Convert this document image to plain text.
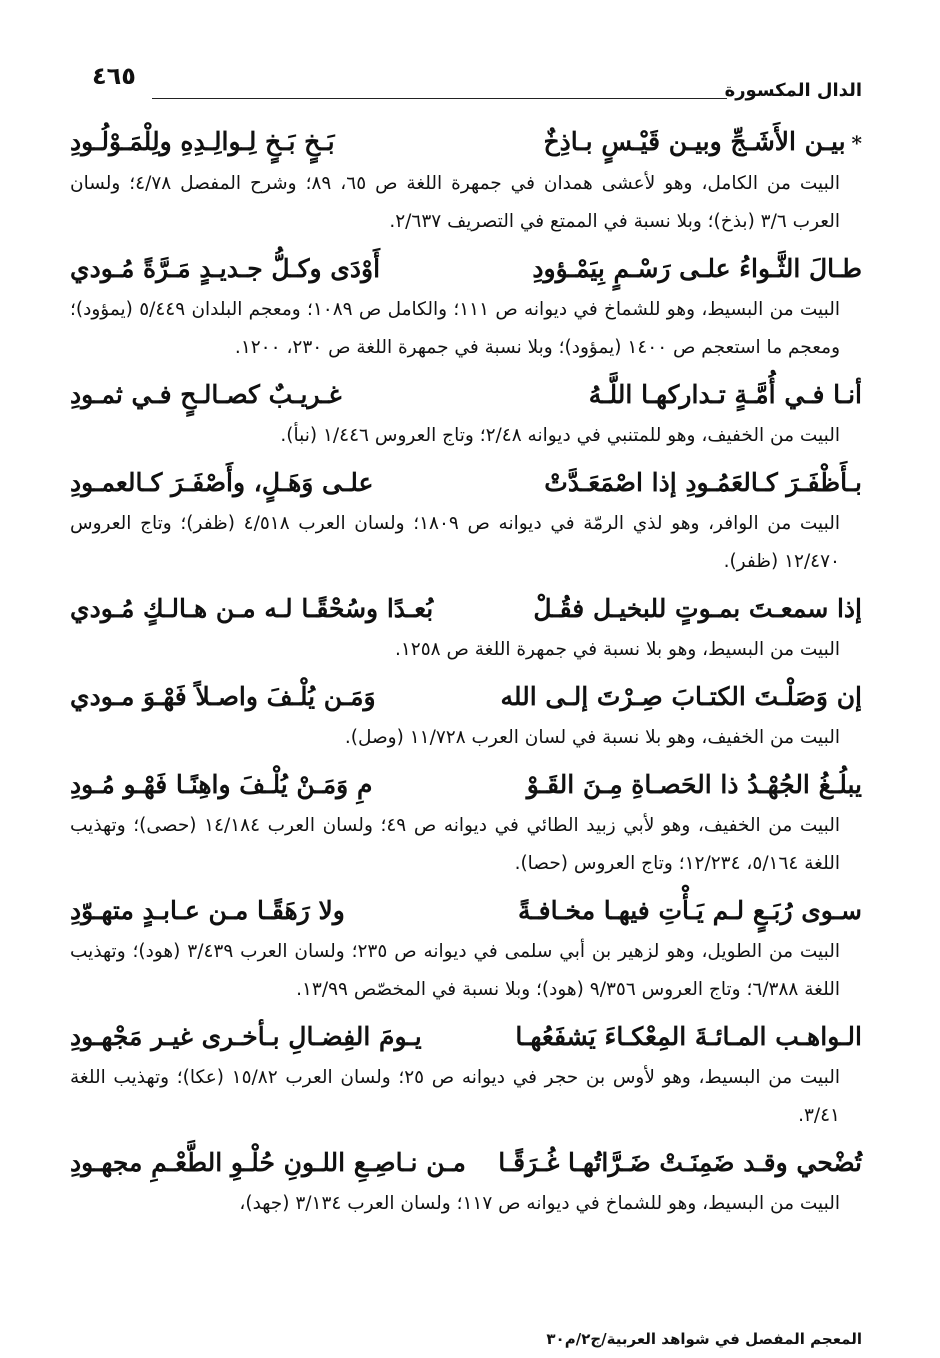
٤٦٥
الدال المكسورة
*بيـن الأَشَـجِّ وبيـن قَيْـسٍ بـاذِخٌ
بَـخٍ بَـخٍ لِـوالِـدِهِ ولِلْمَـوْلُـودِ
البيت من الكامل، وهو لأعشى همدان في جمهرة اللغة ص ٦٥، ٨٩؛ وشرح المفصل ٤/٧٨؛ ولسان العرب ٣/٦ (بذخ)؛ وبلا نسبة في الممتع في التصريف ٢/٦٣٧.
طـالَ الثَّـواءُ علـى رَسْـمٍ بِيَمْـؤودِ
أَوْدَى وكـلُّ جـديـدٍ مَـرَّةً مُـودي
البيت من البسيط، وهو للشماخ في ديوانه ص ١١١؛ والكامل ص ١٠٨٩؛ ومعجم البلدان ٥/٤٤٩ (يمؤود)؛ ومعجم ما استعجم ص ١٤٠٠ (يمؤود)؛ وبلا نسبة في جمهرة اللغة ص ٢٣٠، ١٢٠٠.
أنـا فـي أُمَّـةٍ تـداركهـا اللَّـهُ
غـريـبٌ كصـالـحٍ فـي ثمـودِ
البيت من الخفيف، وهو للمتنبي في ديوانه ٢/٤٨؛ وتاج العروس ١/٤٤٦ (نبأ).
بـأَظْفَـرَ كـالعَمُـودِ إذا اصْمَعَـدَّتْ
علـى وَهَـلٍ، وأَصْفَـرَ كـالعمـودِ
البيت من الوافر، وهو لذي الرمّة في ديوانه ص ١٨٠٩؛ ولسان العرب ٤/٥١٨ (ظفر)؛ وتاج العروس ١٢/٤٧٠ (ظفر).
إذا سمعـتَ بمـوتٍ للبخيـل فقُـلْ
بُعـدًا وسُحْقًـا لـه مـن هـالـكٍ مُـودي
البيت من البسيط، وهو بلا نسبة في جمهرة اللغة ص ١٢٥٨.
إن وَصَلْـتَ الكتـابَ صِـرْتَ إلـى الله
وَمَـن يُلْـفَ واصـلاً فَهْـوَ مـودي
البيت من الخفيف، وهو بلا نسبة في لسان العرب ١١/٧٢٨ (وصل).
يبلُـغُ الجُهْـدُ ذا الحَصـاةِ مِـنَ القَـوْ
مِ وَمَـنْ يُلْـفَ واهِنًـا فَهْـو مُـودِ
البيت من الخفيف، وهو لأبي زبيد الطائي في ديوانه ص ٤٩؛ ولسان العرب ١٤/١٨٤ (حصى)؛ وتهذيب اللغة ٥/١٦٤، ١٢/٢٣٤؛ وتاج العروس (حصا).
سـوى رُبَـعٍ لـم يَـأْتِ فيهـا مخـافـةً
ولا رَهَقًـا مـن عـابـدٍ متهـوّدِ
البيت من الطويل، وهو لزهير بن أبي سلمى في ديوانه ص ٢٣٥؛ ولسان العرب ٣/٤٣٩ (هود)؛ وتهذيب اللغة ٦/٣٨٨؛ وتاج العروس ٩/٣٥٦ (هود)؛ وبلا نسبة في المخصّص ١٣/٩٩.
الـواهـب المـائـةَ المِعْكـاءَ يَشفَعُهـا
يـومَ الفِضـالِ بـأخـرى غيـر مَجْهـودِ
البيت من البسيط، وهو لأوس بن حجر في ديوانه ص ٢٥؛ ولسان العرب ١٥/٨٢ (عكا)؛ وتهذيب اللغة ٣/٤١.
تُضْحي وقـد ضَمِنَـتْ ضَـرَّاتُهـا غُـرَقًـا
مـن نـاصِـعِ اللـونِ حُلْـوِ الطَّعْـمِ مجهـودِ
البيت من البسيط، وهو للشماخ في ديوانه ص ١١٧؛ ولسان العرب ٣/١٣٤ (جهد)،
المعجم المفصل في شواهد العربية/ج٢/م٣٠
